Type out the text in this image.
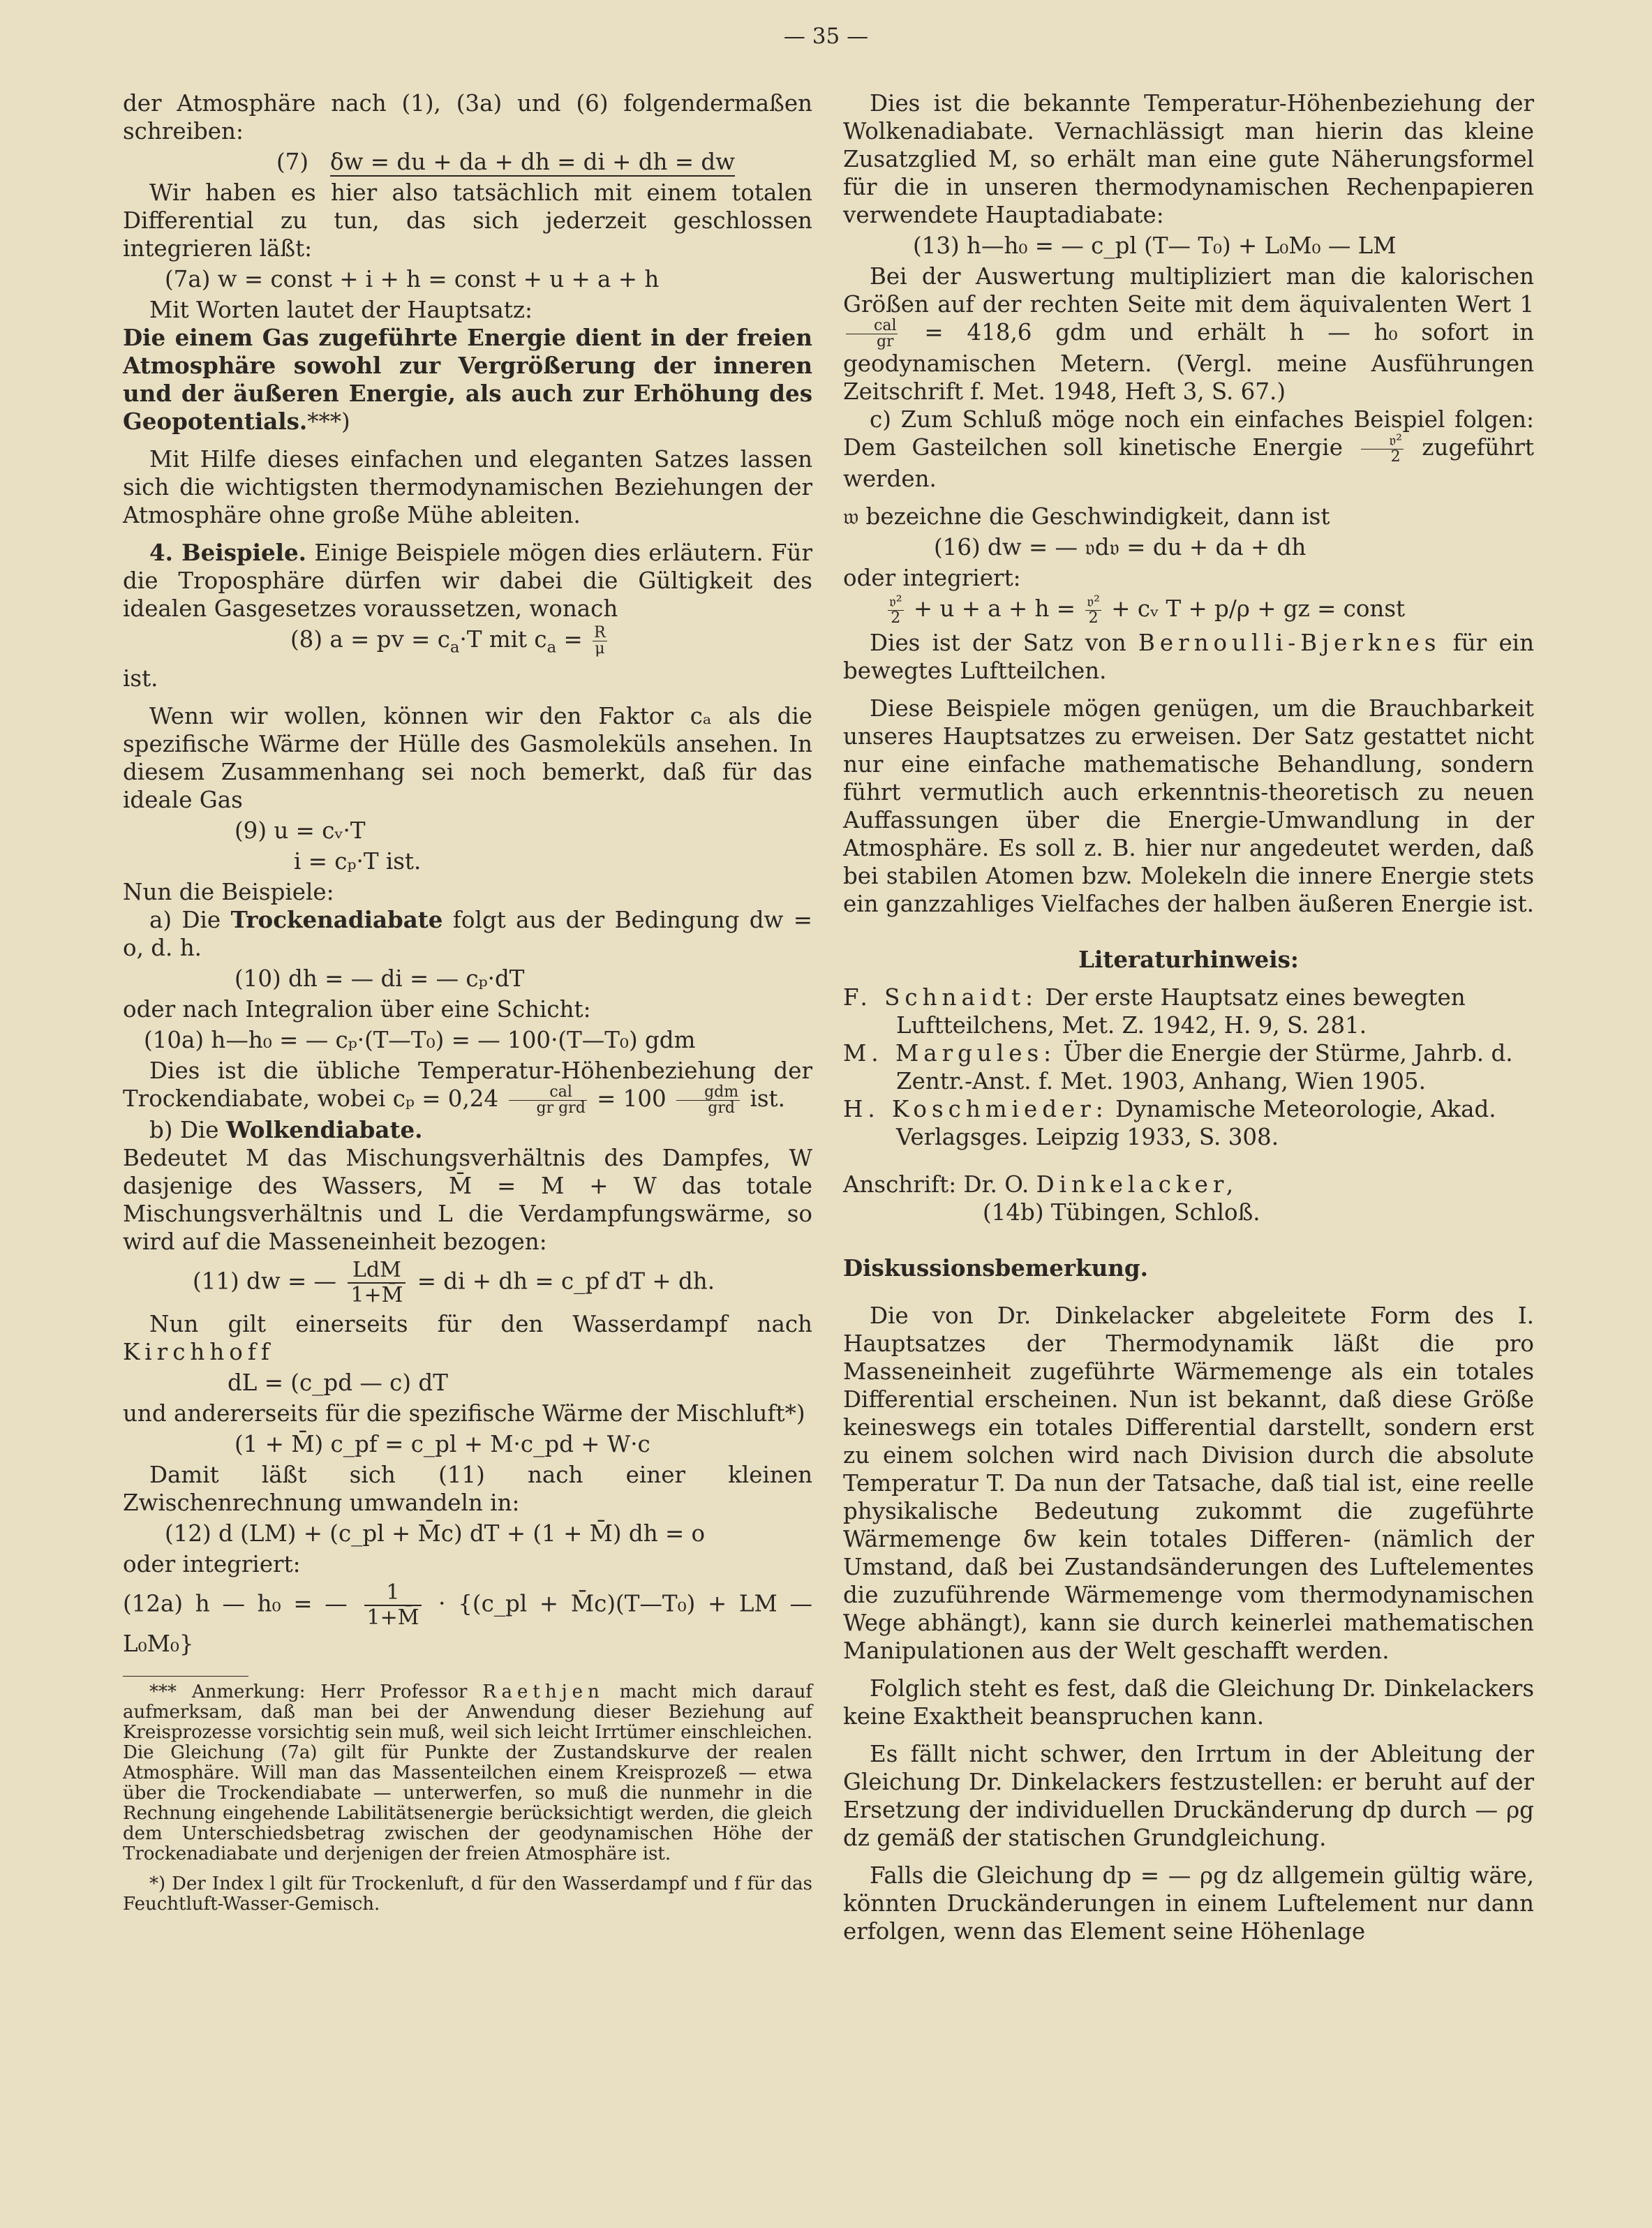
— 35 —

der Atmosphäre nach (1), (3a) und (6) folgendermaßen schreiben:

(7) δw = du + da + dh = di + dh = dw

Wir haben es hier also tatsächlich mit einem totalen Differential zu tun, das sich jederzeit geschlossen integrieren läßt:

(7a) w = const + i + h = const + u + a + h

Mit Worten lautet der Hauptsatz:

Die einem Gas zugeführte Energie dient in der freien Atmosphäre sowohl zur Vergrößerung der inneren und der äußeren Energie, als auch zur Erhöhung des Geopotentials.***)

Mit Hilfe dieses einfachen und eleganten Satzes lassen sich die wichtigsten thermodynamischen Beziehungen der Atmosphäre ohne große Mühe ableiten.

4. Beispiele. Einige Beispiele mögen dies erläutern. Für die Troposphäre dürfen wir dabei die Gültigkeit des idealen Gasgesetzes voraussetzen, wonach

(8) a = pv = $c_a\cdot T$ mit $c_a = \frac{R}{\mu}$

ist.

Wenn wir wollen, können wir den Faktor cₐ als die spezifische Wärme der Hülle des Gasmoleküls ansehen. In diesem Zusammenhang sei noch bemerkt, daß für das ideale Gas

(9) u = cᵥ·T

i = cₚ·T ist.

Nun die Beispiele:

a) Die Trockenadiabate folgt aus der Bedingung dw = o, d. h.

(10) dh = — di = — cₚ·dT

oder nach Integralion über eine Schicht:

(10a) h—h₀ = — cₚ·(T—T₀) = — 100·(T—T₀) gdm

Dies ist die übliche Temperatur-Höhenbeziehung der Trockendiabate, wobei $c_p = 0,24 \frac{\text{cal}}{\text{gr grd}} = 100 \frac{\text{gdm}}{\text{grd}}$ ist.

b) Die Wolkendiabate.

Bedeutet M das Mischungsverhältnis des Dampfes, W dasjenige des Wassers, M̄ = M + W das totale Mischungsverhältnis und L die Verdampfungswärme, so wird auf die Masseneinheit bezogen:

(11) dw = — $\frac{\text{LdM}}{1+M̄}$ = di + dh = c_pf dT + dh.

Nun gilt einerseits für den Wasserdampf nach Kirchhoff

dL = (c_pd — c) dT

und andererseits für die spezifische Wärme der Mischluft*)

(1 + M̄) c_pf = c_pl + M·c_pd + W·c

Damit läßt sich (11) nach einer kleinen Zwischenrechnung umwandeln in:

(12) d (LM) + (c_pl + M̄c) dT + (1 + M̄) dh = o

oder integriert:

(12a) h — h₀ = — $\frac{1}{1+M̄}$ · {(c_pl + M̄c)(T—T₀) + LM — L₀M₀}

*** Anmerkung: Herr Professor Raethjen macht mich darauf aufmerksam, daß man bei der Anwendung dieser Beziehung auf Kreisprozesse vorsichtig sein muß, weil sich leicht Irrtümer einschleichen. Die Gleichung (7a) gilt für Punkte der Zustandskurve der realen Atmosphäre. Will man das Massenteilchen einem Kreisprozeß — etwa über die Trockendiabate — unterwerfen, so muß die nunmehr in die Rechnung eingehende Labilitätsenergie berücksichtigt werden, die gleich dem Unterschiedsbetrag zwischen der geodynamischen Höhe der Trockenadiabate und derjenigen der freien Atmosphäre ist.

*) Der Index l gilt für Trockenluft, d für den Wasserdampf und f für das Feuchtluft-Wasser-Gemisch.

Dies ist die bekannte Temperatur-Höhenbeziehung der Wolkenadiabate. Vernachlässigt man hierin das kleine Zusatzglied M, so erhält man eine gute Näherungsformel für die in unseren thermodynamischen Rechenpapieren verwendete Hauptadiabate:

(13) h—h₀ = — c_pl (T— T₀) + L₀M₀ — LM

Bei der Auswertung multipliziert man die kalorischen Größen auf der rechten Seite mit dem äquivalenten Wert 1
$\frac{\text{cal}}{gr} = 418,6$ gdm und erhält h — h₀ sofort in geodynamischen Metern. (Vergl. meine Ausführungen Zeitschrift f. Met. 1948, Heft 3, S. 67.)

c) Zum Schluß möge noch ein einfaches Beispiel folgen: Dem Gasteilchen soll kinetische Energie $\frac{\text{𝔳²}}{2}$ zugeführt werden.

𝔴 bezeichne die Geschwindigkeit, dann ist

(16) dw = — 𝔳d𝔳 = du + da + dh

oder integriert:

$\frac{\text{𝔳²}}{2} + u + a + h = \frac{\text{𝔳²}}{2}$ + cᵥ T + p/ρ + gz = const

Dies ist der Satz von Bernoulli-Bjerknes für ein bewegtes Luftteilchen.

Diese Beispiele mögen genügen, um die Brauchbarkeit unseres Hauptsatzes zu erweisen. Der Satz gestattet nicht nur eine einfache mathematische Behandlung, sondern führt vermutlich auch erkenntnis-theoretisch zu neuen Auffassungen über die Energie-Umwandlung in der Atmosphäre. Es soll z. B. hier nur angedeutet werden, daß bei stabilen Atomen bzw. Molekeln die innere Energie stets ein ganzzahliges Vielfaches der halben äußeren Energie ist.

Literaturhinweis:

F. Schnaidt: Der erste Hauptsatz eines bewegten Luftteilchens, Met. Z. 1942, H. 9, S. 281.

M. Margules: Über die Energie der Stürme, Jahrb. d. Zentr.-Anst. f. Met. 1903, Anhang, Wien 1905.

H. Koschmieder: Dynamische Meteorologie, Akad. Verlagsges. Leipzig 1933, S. 308.

Anschrift: Dr. O. Dinkelacker,

(14b) Tübingen, Schloß.

Diskussionsbemerkung.

Die von Dr. Dinkelacker abgeleitete Form des I. Hauptsatzes der Thermodynamik läßt die pro Masseneinheit zugeführte Wärmemenge als ein totales Differential erscheinen. Nun ist bekannt, daß diese Größe keineswegs ein totales Differential darstellt, sondern erst zu einem solchen wird nach Division durch die absolute Temperatur T. Da nun der Tatsache, daß tial ist, eine reelle physikalische Bedeutung zukommt die zugeführte Wärmemenge δw kein totales Differen- (nämlich der Umstand, daß bei Zustandsänderungen des Luftelementes die zuzuführende Wärmemenge vom thermodynamischen Wege abhängt), kann sie durch keinerlei mathematischen Manipulationen aus der Welt geschafft werden.

Folglich steht es fest, daß die Gleichung Dr. Dinkelackers keine Exaktheit beanspruchen kann.

Es fällt nicht schwer, den Irrtum in der Ableitung der Gleichung Dr. Dinkelackers festzustellen: er beruht auf der Ersetzung der individuellen Druckänderung dp durch — ρg dz gemäß der statischen Grundgleichung.

Falls die Gleichung dp = — ρg dz allgemein gültig wäre, könnten Druckänderungen in einem Luftelement nur dann erfolgen, wenn das Element seine Höhenlage
